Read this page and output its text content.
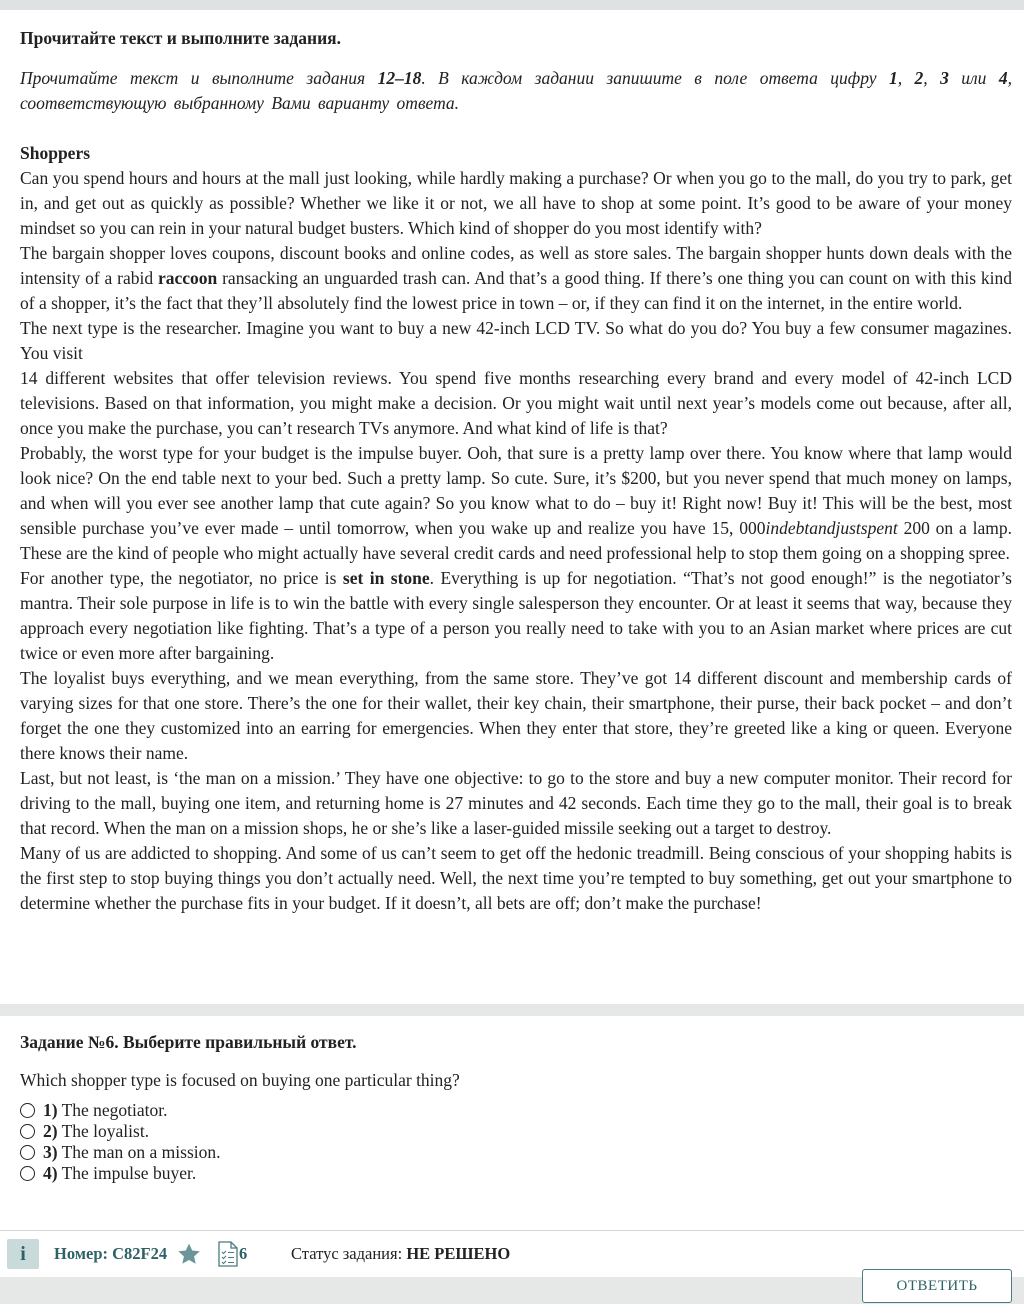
Прочитайте текст и выполните задания.
Прочитайте текст и выполните задания 12–18. В каждом задании запишите в поле ответа цифру 1, 2, 3 или 4, соответствующую выбранному Вами варианту ответа.

Shoppers

Can you spend hours and hours at the mall just looking, while hardly making a purchase? Or when you go to the mall, do you try to park, get in, and get out as quickly as possible? Whether we like it or not, we all have to shop at some point. It’s good to be aware of your money mindset so you can rein in your natural budget busters. Which kind of shopper do you most identify with?

The bargain shopper loves coupons, discount books and online codes, as well as store sales. The bargain shopper hunts down deals with the intensity of a rabid raccoon ransacking an unguarded trash can. And that’s a good thing. If there’s one thing you can count on with this kind of a shopper, it’s the fact that they’ll absolutely find the lowest price in town – or, if they can find it on the internet, in the entire world.

The next type is the researcher. Imagine you want to buy a new 42-inch LCD TV. So what do you do? You buy a few consumer magazines. You visit

14 different websites that offer television reviews. You spend five months researching every brand and every model of 42-inch LCD televisions. Based on that information, you might make a decision. Or you might wait until next year’s models come out because, after all, once you make the purchase, you can’t research TVs anymore. And what kind of life is that?

Probably, the worst type for your budget is the impulse buyer. Ooh, that sure is a pretty lamp over there. You know where that lamp would look nice? On the end table next to your bed. Such a pretty lamp. So cute. Sure, it’s $200, but you never spend that much money on lamps, and when will you ever see another lamp that cute again? So you know what to do – buy it! Right now! Buy it! This will be the best, most sensible purchase you’ve ever made – until tomorrow, when you wake up and realize you have 15, 000indebtandjustspent 200 on a lamp. These are the kind of people who might actually have several credit cards and need professional help to stop them going on a shopping spree.

For another type, the negotiator, no price is set in stone. Everything is up for negotiation. “That’s not good enough!” is the negotiator’s mantra. Their sole purpose in life is to win the battle with every single salesperson they encounter. Or at least it seems that way, because they approach every negotiation like fighting. That’s a type of a person you really need to take with you to an Asian market where prices are cut twice or even more after bargaining.

The loyalist buys everything, and we mean everything, from the same store. They’ve got 14 different discount and membership cards of varying sizes for that one store. There’s the one for their wallet, their key chain, their smartphone, their purse, their back pocket – and don’t forget the one they customized into an earring for emergencies. When they enter that store, they’re greeted like a king or queen. Everyone there knows their name.

Last, but not least, is ‘the man on a mission.’ They have one objective: to go to the store and buy a new computer monitor. Their record for driving to the mall, buying one item, and returning home is 27 minutes and 42 seconds. Each time they go to the mall, their goal is to break that record. When the man on a mission shops, he or she’s like a laser-guided missile seeking out a target to destroy.

Many of us are addicted to shopping. And some of us can’t seem to get off the hedonic treadmill. Being conscious of your shopping habits is the first step to stop buying things you don’t actually need. Well, the next time you’re tempted to buy something, get out your smartphone to determine whether the purchase fits in your budget. If it doesn’t, all bets are off; don’t make the purchase!

Задание №6. Выберите правильный ответ.
Which shopper type is focused on buying one particular thing?
1) The negotiator.
2) The loyalist.
3) The man on a mission.
4) The impulse buyer.
i	Номер: C82F24	6	Статус задания: НЕ РЕШЕНО
ОТВЕТИТЬ
